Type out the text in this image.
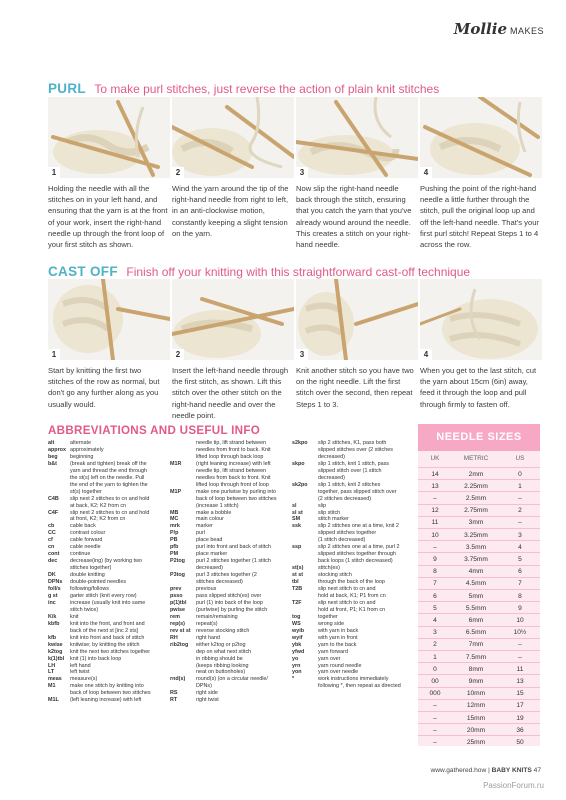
Mollie MAKES
PURL To make purl stitches, just reverse the action of plain knit stitches
1	2	3	4
Holding the needle with all the stitches on in your left hand, and ensuring that the yarn is at the front of your work, insert the right-hand needle up through the front loop of your first stitch as shown.
Wind the yarn around the tip of the right-hand needle from right to left, in an anti-clockwise motion, constantly keeping a slight tension on the yarn.
Now slip the right-hand needle back through the stitch, ensuring that you catch the yarn that you've already wound around the needle. This creates a stitch on your right-hand needle.
Pushing the point of the right-hand needle a little further through the stitch, pull the original loop up and off the left-hand needle. That's your first purl stitch! Repeat Steps 1 to 4 across the row.
CAST OFF Finish off your knitting with this straightforward cast-off technique
1	2	3	4
Start by knitting the first two stitches of the row as normal, but don't go any further along as you usually would.
Insert the left-hand needle through the first stitch, as shown. Lift this stitch over the other stitch on the right-hand needle and over the needle point.
Knit another stitch so you have two on the right needle. Lift the first stitch over the second, then repeat Steps 1 to 3.
When you get to the last stitch, cut the yarn about 15cm (6in) away, feed it through the loop and pull through firmly to fasten off.
ABBREVIATIONS AND USEFUL INFO
alt	alternate
approx approximately
beg	beginning
b&t	(break and tighten) break off the
yarn and thread the end through
the st(s) left on the needle. Pull
the end of the yarn to tighten the
st(s) together
C4B	slip next 2 stitches to cn and hold
at back, K2; K2 from cn
C4F	slip next 2 stitches to cn and hold
at front, K2; K2 from cn
cb	cable back
CC	contrast colour
cf	cable forward
cn	cable needle
cont	continue
dec	decrease(ing) (by working two
stitches together)
DK	double knitting
DPNs	double-pointed needles
foll/s	following/follows
g st	garter stitch (knit every row)
inc	increase (usually knit into same
stitch twice)
K/k	knit
kbfb	knit into the front, and front and
back of the next st [inc 2 sts]
kfb	knit into front and back of stitch
kwise	knitwise; by knitting the stitch
k2tog	knit the next two stitches together
k(1)tbl	knit (1) into back loop
LH	left hand
LT	left twist
meas	measure(s)
M1	make one stitch by knitting into
back of loop between two stitches
M1L	(left leaning increase) with left
needle tip, lift strand between
needles from front to back. Knit
lifted loop through back loop
M1R	(right leaning increase) with left
needle tip, lift strand between
needles from back to front. Knit
lifted loop through front of loop
M1P	make one purlwise by purling into
back of loop between two stitches
(increase 1 stitch)
MB	make a bobble
MC	main colour
mrk	marker
P/p	purl
PB	place bead
pfb	purl into front and back of stitch
PM	place marker
P2tog	purl 2 stitches together (1 stitch
decreased)
P3tog	purl 3 stitches together (2
stitches decreased)
prev	previous
psso	pass slipped stitch(es) over
p(1)tbl	purl (1) into back of the loop
pwise	(purlwise) by purling the stitch
rem	remain/remaining
rep(s)	repeat(s)
rev st st reverse stocking stitch
RH	right hand
rib2tog	either k2tog or p2tog
dep on what next stitch
in ribbing should be
(keeps ribbing looking
neat on buttonholes)
rnd(s)	round(s) (on a circular needle/
DPNs)
RS	right side
RT	right twist
s2kpo	slip 2 stitches, K1, pass both
slipped stitches over (2 stitches
decreased)
skpo	slip 1 stitch, knit 1 stitch, pass
slipped stitch over (1 stitch
decreased)
sk2po	slip 1 stitch, knit 2 stitches
together, pass slipped stitch over
(2 stitches decreased)
sl	slip
sl st	slip stitch
SM	stitch marker
ssk	slip 2 stitches one at a time, knit 2
slipped stitches together
(1 stitch decreased)
ssp	slip 2 stitches one at a time, purl 2
slipped stitches together through
back loops (1 stitch decreased)
st(s)	stitch(es)
st st	stocking stitch
tbl	through the back of the loop
T2B	slip next stitch to cn and
hold at back, K1; P1 from cn
T2F	slip next stitch to cn and
hold at front, P1; K1 from cn
tog	together
WS	wrong side
wyib	with yarn in back
wyif	with yarn in front
ybk	yarn to the back
yfwd	yarn forward
yo	yarn over
yrn	yarn round needle
yon	yarn over needle
*	work instructions immediately
following *, then repeat as directed
NEEDLE SIZES
UK	METRIC	US
14	2mm	0
13	2.25mm	1
–	2.5mm	–
12	2.75mm	2
11	3mm	–
10	3.25mm	3
–	3.5mm	4
9	3.75mm	5
8	4mm	6
7	4.5mm	7
6	5mm	8
5	5.5mm	9
4	6mm	10
3	6.5mm	10½
2	7mm	–
1	7.5mm	–
0	8mm	11
00	9mm	13
000	10mm	15
–	12mm	17
–	15mm	19
–	20mm	36
–	25mm	50
www.gathered.how | BABY KNITS 47
PassionForum.ru
